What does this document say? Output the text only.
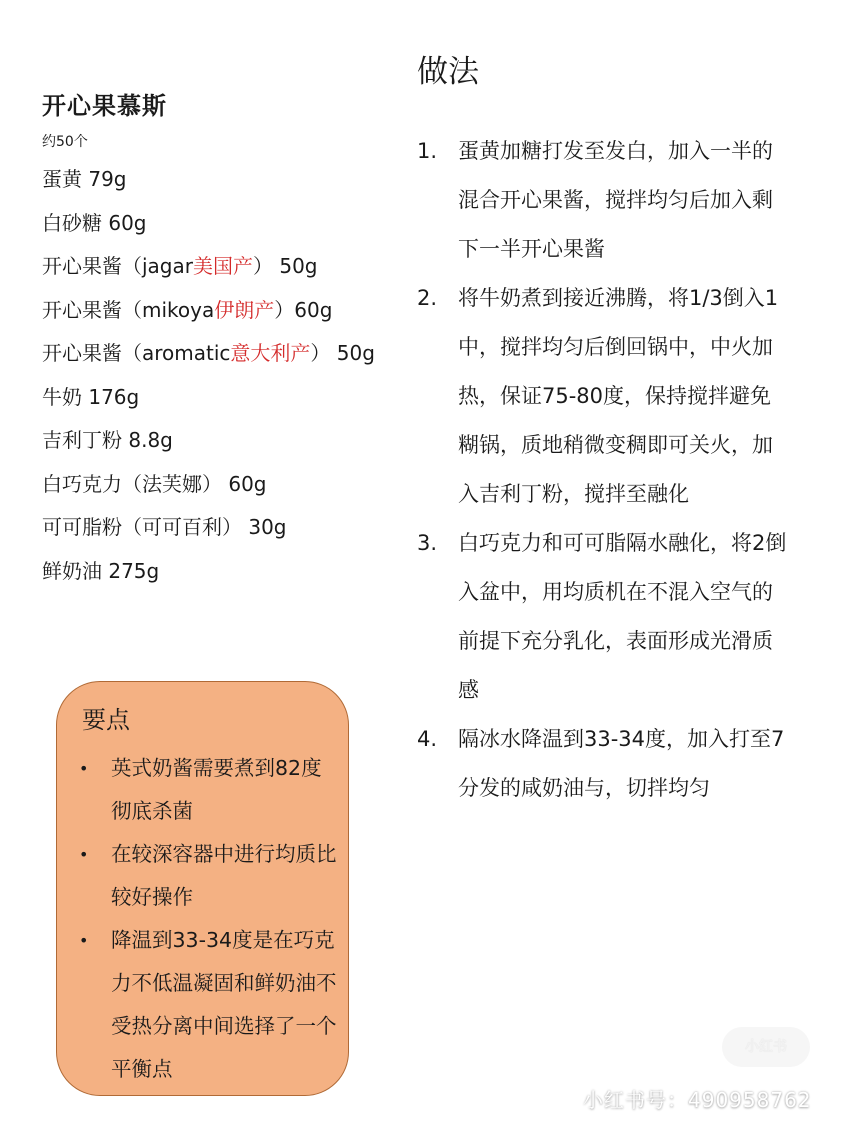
开心果慕斯
约50个
蛋黄 79g
白砂糖 60g
开心果酱（jagar美国产） 50g
开心果酱（mikoya伊朗产）60g
开心果酱（aromatic意大利产） 50g
牛奶 176g
吉利丁粉 8.8g
白巧克力（法芙娜） 60g
可可脂粉（可可百利） 30g
鲜奶油 275g
做法
1. 蛋黄加糖打发至发白，加入一半的混合开心果酱，搅拌均匀后加入剩下一半开心果酱
2. 将牛奶煮到接近沸腾，将1/3倒入1中，搅拌均匀后倒回锅中，中火加热，保证75-80度，保持搅拌避免糊锅，质地稍微变稠即可关火，加入吉利丁粉，搅拌至融化
3. 白巧克力和可可脂隔水融化，将2倒入盆中，用均质机在不混入空气的前提下充分乳化，表面形成光滑质感
4. 隔冰水降温到33-34度，加入打至7分发的咸奶油与，切拌均匀
要点
•	英式奶酱需要煮到82度彻底杀菌
•	在较深容器中进行均质比较好操作
•	降温到33-34度是在巧克力不低温凝固和鲜奶油不受热分离中间选择了一个平衡点
小红书
小红书号：490958762
